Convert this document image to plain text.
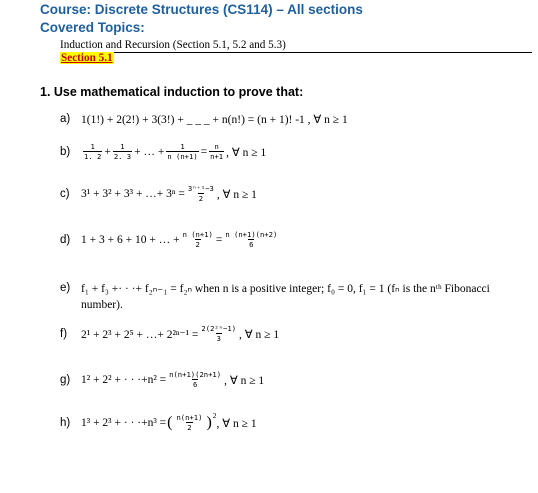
Course: Discrete Structures (CS114) – All sections
Covered Topics:
Induction and Recursion (Section 5.1, 5.2 and 5.3)
Section 5.1
1. Use mathematical induction to prove that:
a) 1(1!) + 2(2!) + 3(3!) + _ _ _ + n(n!) = (n + 1)! -1 , ∀ n ≥ 1
b)	$\frac{1}{1. 2} + \frac{1}{2. 3}$ + … + $\frac{1}{n (n+1)} = \frac{n}{n+1}$ , ∀ n ≥ 1
c) 3¹ + 3² + 3³ + …+ $3^n = \frac{\text{3ⁿ⁺¹−3}}{2}$ , ∀ n ≥ 1
d) 1 + 3 + 6 + 10 + … + $\frac{n (n+1)}{2} = \frac{n (n+1)(n+2)}{6}$
e) f₁ + f₃ +· · ·+ f₂ₙ₋₁ = f₂ₙ when n is a positive integer; f₀ = 0, f₁ = 1 (fₙ is the nᵗʰ Fibonacci
number).
f)	2¹ + 2³ + 2⁵ + …+ $2^{2n-1} = \frac{\text{2(2²ⁿ−1)}}{3}$ , ∀ n ≥ 1
g) 1² + 2² + · · $\cdot+n^2 = \frac{n(n+1)(2n+1)}{6}$ , ∀ n ≥ 1
h) 1³ + 2³ + · · ·+n³ = ( $\frac{n(n+1)}{2} )^2$
, ∀ n ≥ 1
